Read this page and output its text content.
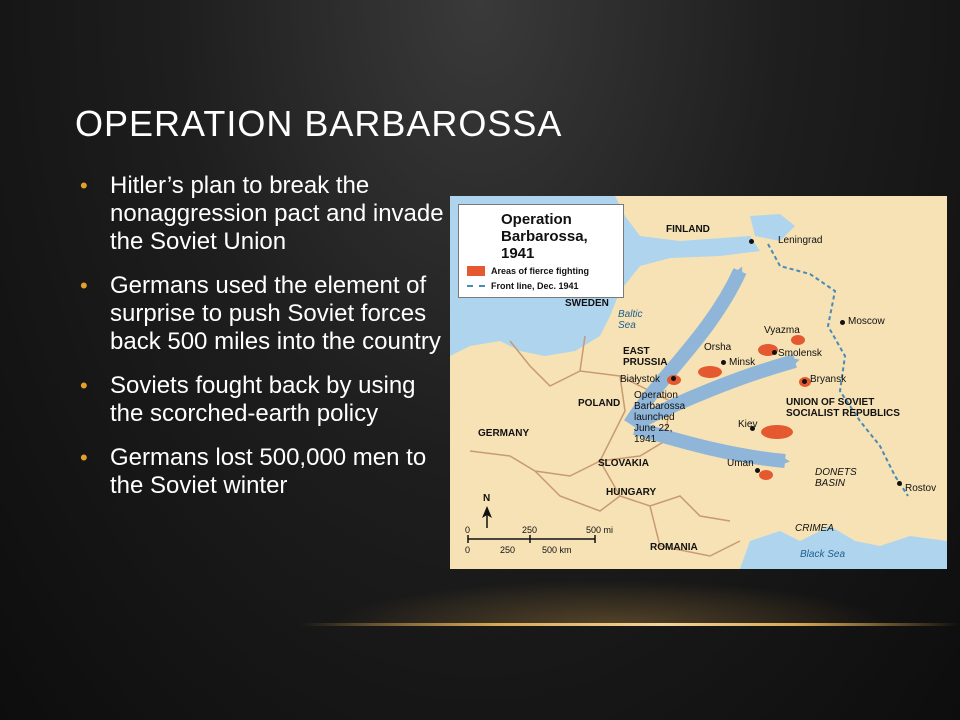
OPERATION BARBAROSSA
• Hitler’s plan to break the nonaggression pact and invade the Soviet Union
• Germans used the element of surprise to push Soviet forces back 500 miles into the country
• Soviets fought back by using the scorched-earth policy
• Germans lost 500,000 men to the Soviet winter
Operation Barbarossa, 1941
Areas of fierce fighting
Front line, Dec. 1941
FINLAND
SWEDEN
Baltic Sea
Leningrad
Moscow
Vyazma
Orsha
Smolensk
Minsk
EAST PRUSSIA
Białystok	Bryansk
POLAND
Operation Barbarossa launched June 22, 1941
UNION OF SOVIET SOCIALIST REPUBLICS
Kiev
GERMANY
SLOVAKIA	Uman
DONETS BASIN	Rostov
HUNGARY
CRIMEA
Black Sea
ROMANIA
N
0	250	500 mi
0	250	500 km
